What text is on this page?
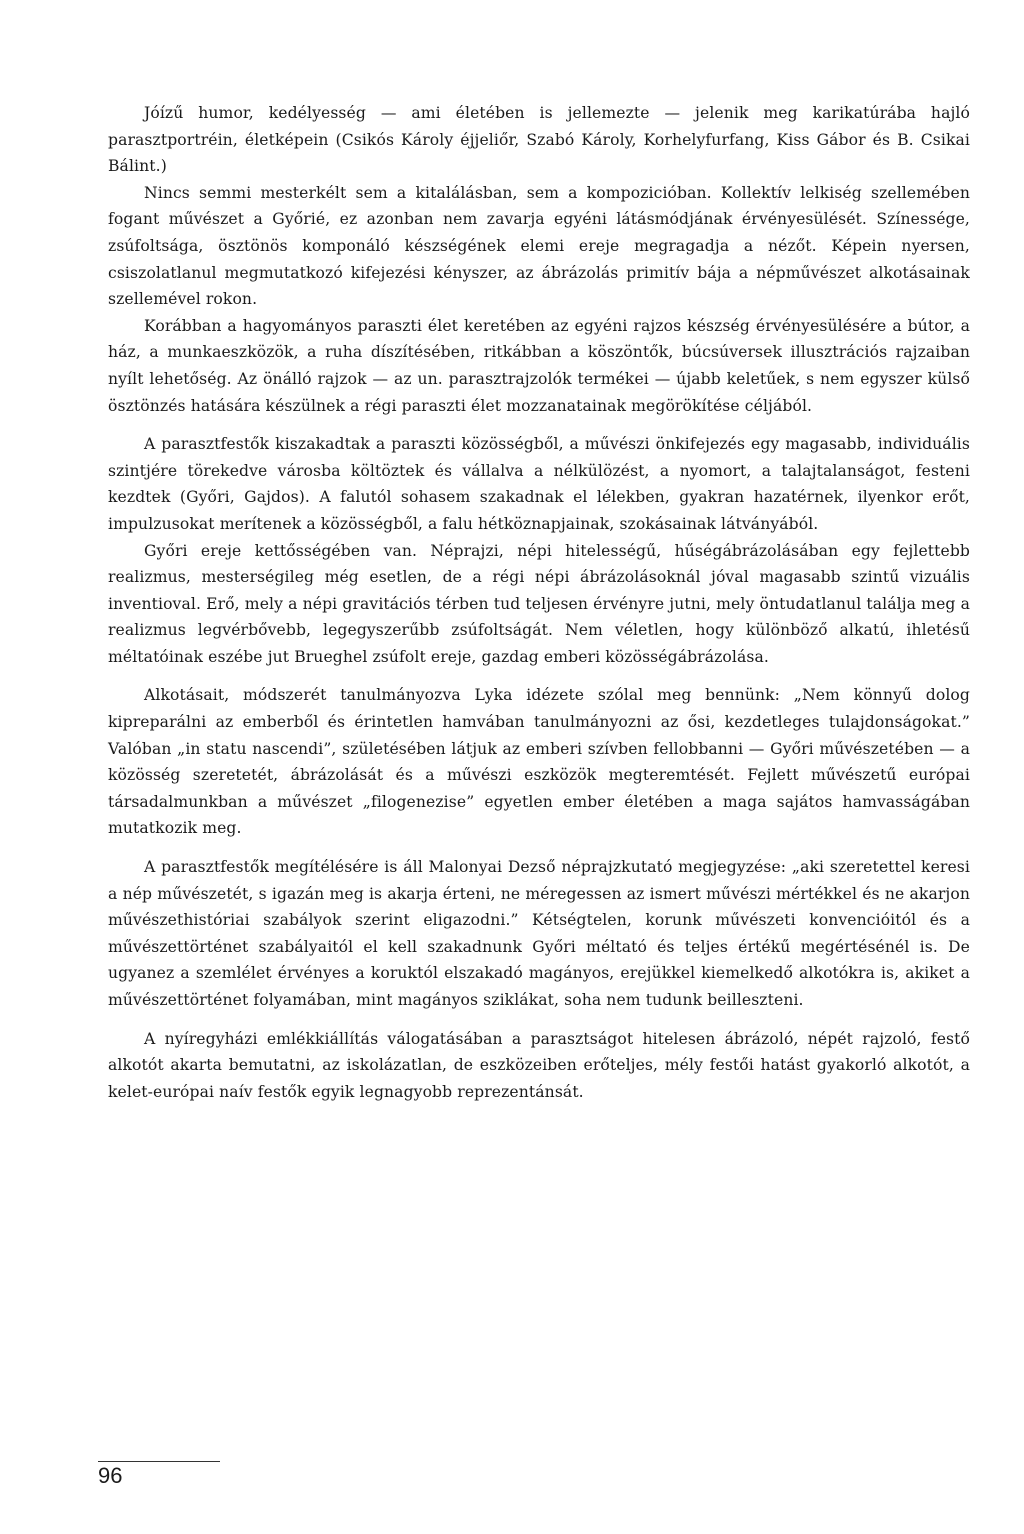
Jóízű humor, kedélyesség — ami életében is jellemezte — jelenik meg karikatúrába hajló parasztportréin, életképein (Csikós Károly éjjeliőr, Szabó Károly, Korhelyfurfang, Kiss Gábor és B. Csikai Bálint.)

Nincs semmi mesterkélt sem a kitalálásban, sem a kompozicióban. Kollektív lelkiség szellemében fogant művészet a Győrié, ez azonban nem zavarja egyéni látásmódjának érvényesülését. Színessége, zsúfoltsága, ösztönös komponáló készségének elemi ereje megragadja a nézőt. Képein nyersen, csiszolatlanul megmutatkozó kifejezési kényszer, az ábrázolás primitív bája a népművészet alkotásainak szellemével rokon.

Korábban a hagyományos paraszti élet keretében az egyéni rajzos készség érvényesülésére a bútor, a ház, a munkaeszközök, a ruha díszítésében, ritkábban a köszöntők, búcsúversek illusztrációs rajzaiban nyílt lehetőség. Az önálló rajzok — az un. parasztrajzolók termékei — újabb keletűek, s nem egyszer külső ösztönzés hatására készülnek a régi paraszti élet mozzanatainak megörökítése céljából.

A parasztfestők kiszakadtak a paraszti közösségből, a művészi önkifejezés egy magasabb, individuális szintjére törekedve városba költöztek és vállalva a nélkülözést, a nyomort, a talajtalanságot, festeni kezdtek (Győri, Gajdos). A falutól sohasem szakadnak el lélekben, gyakran hazatérnek, ilyenkor erőt, impulzusokat merítenek a közösségből, a falu hétköznapjainak, szokásainak látványából.

Győri ereje kettősségében van. Néprajzi, népi hitelességű, hűségábrázolásában egy fejlettebb realizmus, mesterségileg még esetlen, de a régi népi ábrázolásoknál jóval magasabb szintű vizuális inventioval. Erő, mely a népi gravitációs térben tud teljesen érvényre jutni, mely öntudatlanul találja meg a realizmus legvérbővebb, legegyszerűbb zsúfoltságát. Nem véletlen, hogy különböző alkatú, ihletésű méltatóinak eszébe jut Brueghel zsúfolt ereje, gazdag emberi közösségábrázolása.

Alkotásait, módszerét tanulmányozva Lyka idézete szólal meg bennünk: „Nem könnyű dolog kipreparálni az emberből és érintetlen hamvában tanulmányozni az ősi, kezdetleges tulajdonságokat.” Valóban „in statu nascendi”, születésében látjuk az emberi szívben fellobbanni — Győri művészetében — a közösség szeretetét, ábrázolását és a művészi eszközök megteremtését. Fejlett művészetű európai társadalmunkban a művészet „filogenezise” egyetlen ember életében a maga sajátos hamvasságában mutatkozik meg.

A parasztfestők megítélésére is áll Malonyai Dezső néprajzkutató megjegyzése: „aki szeretettel keresi a nép művészetét, s igazán meg is akarja érteni, ne méregessen az ismert művészi mértékkel és ne akarjon művészethistóriai szabályok szerint eligazodni.” Kétségtelen, korunk művészeti konvencióitól és a művészettörténet szabályaitól el kell szakadnunk Győri méltató és teljes értékű megértésénél is. De ugyanez a szemlélet érvényes a koruktól elszakadó magányos, erejükkel kiemelkedő alkotókra is, akiket a művészettörténet folyamában, mint magányos sziklákat, soha nem tudunk beilleszteni.

A nyíregyházi emlékkiállítás válogatásában a parasztságot hitelesen ábrázoló, népét rajzoló, festő alkotót akarta bemutatni, az iskolázatlan, de eszközeiben erőteljes, mély festői hatást gyakorló alkotót, a kelet-európai naív festők egyik legnagyobb reprezentánsát.

96
